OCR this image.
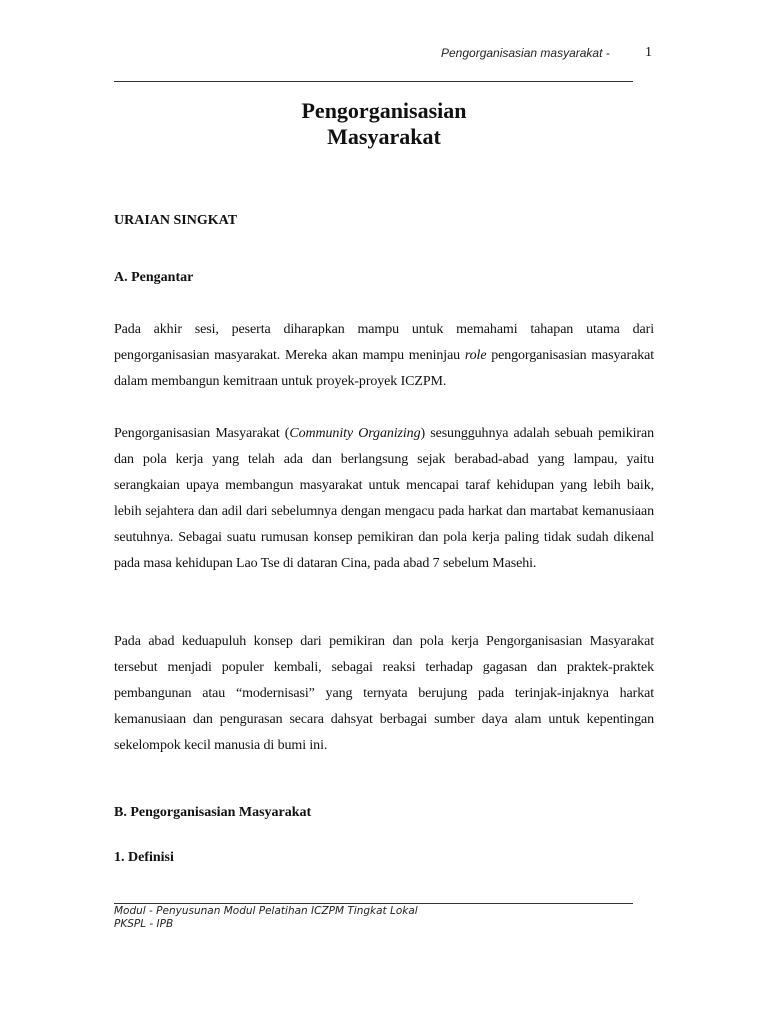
Pengorganisasian masyarakat -	1
Pengorganisasian
Masyarakat
URAIAN SINGKAT
A. Pengantar

Pada akhir sesi, peserta diharapkan mampu untuk memahami tahapan utama dari pengorganisasian masyarakat. Mereka akan mampu meninjau role pengorganisasian masyarakat dalam membangun kemitraan untuk proyek-proyek ICZPM.

Pengorganisasian Masyarakat (Community Organizing) sesungguhnya adalah sebuah pemikiran dan pola kerja yang telah ada dan berlangsung sejak berabad-abad yang lampau, yaitu serangkaian upaya membangun masyarakat untuk mencapai taraf kehidupan yang lebih baik, lebih sejahtera dan adil dari sebelumnya dengan mengacu pada harkat dan martabat kemanusiaan seutuhnya. Sebagai suatu rumusan konsep pemikiran dan pola kerja paling tidak sudah dikenal pada masa kehidupan Lao Tse di dataran Cina, pada abad 7 sebelum Masehi.

Pada abad keduapuluh konsep dari pemikiran dan pola kerja Pengorganisasian Masyarakat tersebut menjadi populer kembali, sebagai reaksi terhadap gagasan dan praktek-praktek pembangunan atau “modernisasi” yang ternyata berujung pada terinjak-injaknya harkat kemanusiaan dan pengurasan secara dahsyat berbagai sumber daya alam untuk kepentingan sekelompok kecil manusia di bumi ini.

B. Pengorganisasian Masyarakat
1. Definisi
Modul - Penyusunan Modul Pelatihan ICZPM Tingkat Lokal
PKSPL - IPB
